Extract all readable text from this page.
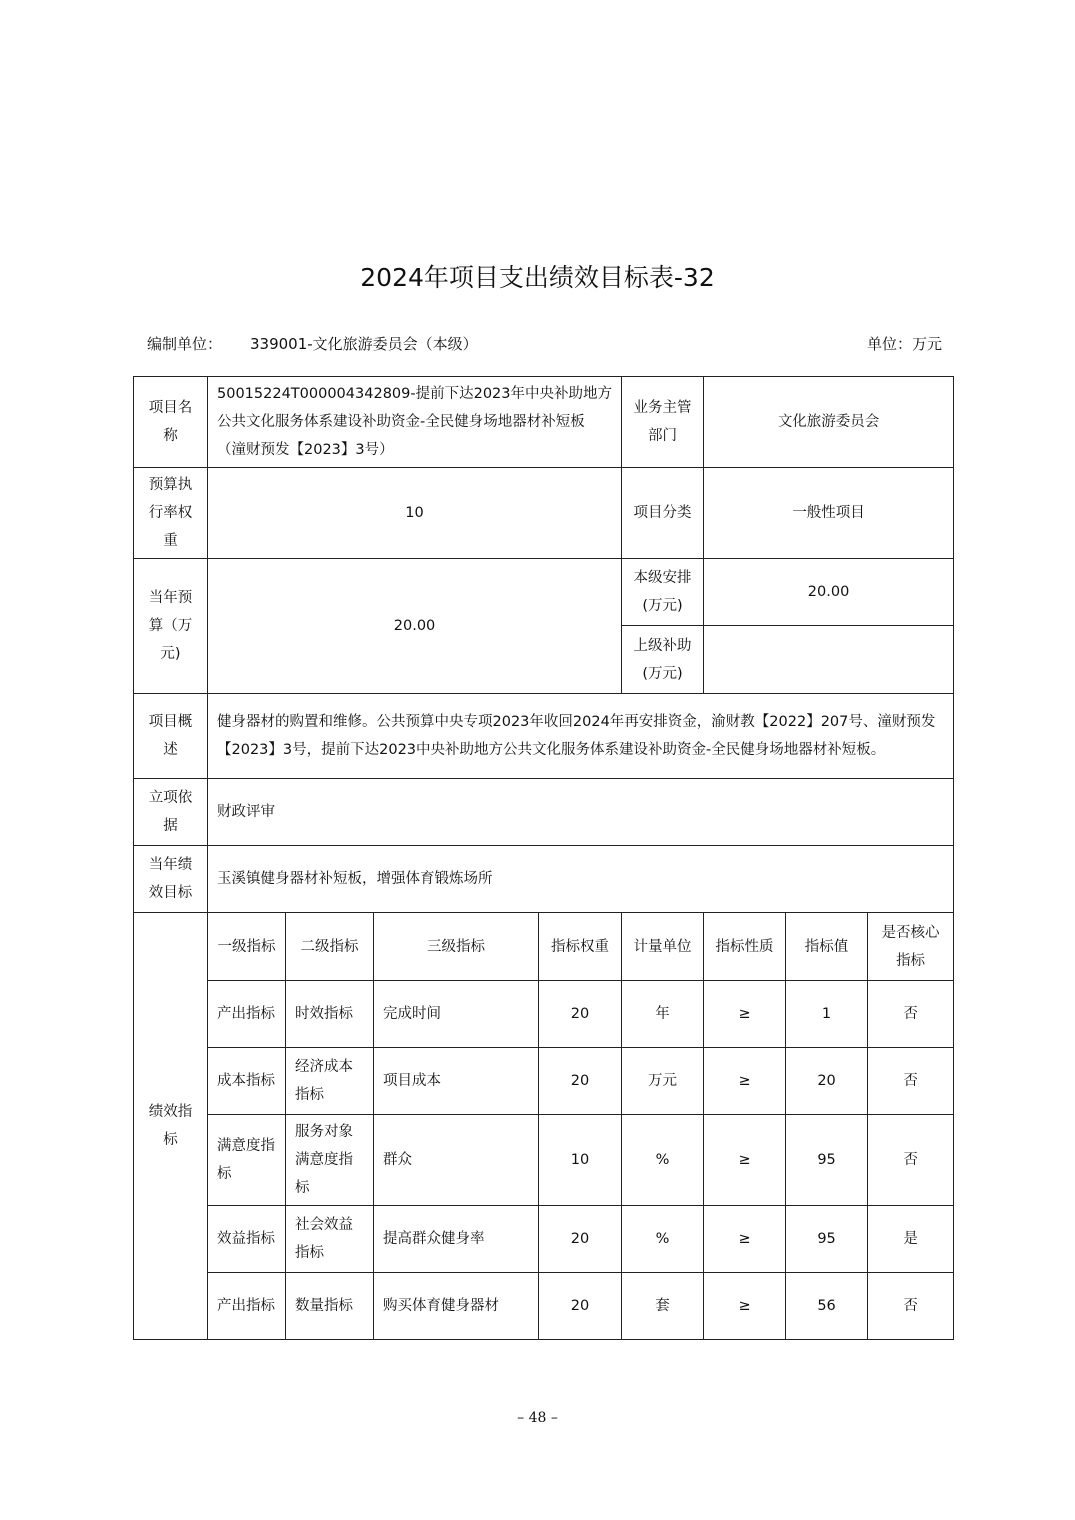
2024年项目支出绩效目标表-32
编制单位： 339001-文化旅游委员会（本级）	单位：万元
项目名称	50015224T000004342809-提前下达2023年中央补助地方公共文化服务体系建设补助资金-全民健身场地器材补短板（潼财预发【2023】3号）				业务主管部门	文化旅游委员会		
预算执行率权重	10				项目分类	一般性项目		
当年预算（万元)	20.00				本级安排(万元)	20.00		
					上级补助(万元)			
项目概述	健身器材的购置和维修。公共预算中央专项2023年收回2024年再安排资金，渝财教【2022】207号、潼财预发【2023】3号，提前下达2023中央补助地方公共文化服务体系建设补助资金-全民健身场地器材补短板。							
立项依据	财政评审							
当年绩效目标	玉溪镇健身器材补短板，增强体育锻炼场所							
绩效指标	一级指标	二级指标	三级指标	指标权重	计量单位	指标性质	指标值	是否核心指标
	产出指标	时效指标	完成时间	20	年	≥	1	否
	成本指标	经济成本指标	项目成本	20	万元	≥	20	否
	满意度指标	服务对象满意度指标	群众	10	%	≥	95	否
	效益指标	社会效益指标	提高群众健身率	20	%	≥	95	是
	产出指标	数量指标	购买体育健身器材	20	套	≥	56	否
– 48 –
